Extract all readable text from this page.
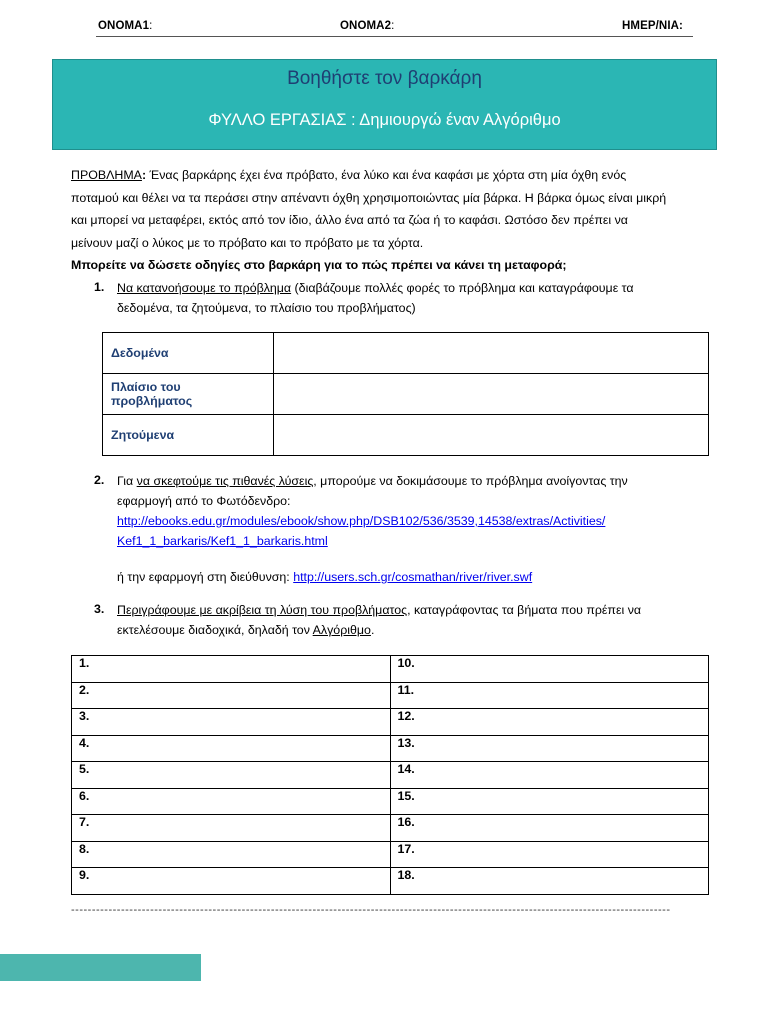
ΟΝΟΜΑ1:	ΟΝΟΜΑ2:	ΗΜΕΡ/ΝΙΑ:
Βοηθήστε τον βαρκάρη
ΦΥΛΛΟ ΕΡΓΑΣΙΑΣ : Δημιουργώ έναν Αλγόριθμο
ΠΡΟΒΛΗΜΑ: Ένας βαρκάρης έχει ένα πρόβατο, ένα λύκο και ένα καφάσι με χόρτα στη μία όχθη ενός
ποταμού και θέλει να τα περάσει στην απέναντι όχθη χρησιμοποιώντας μία βάρκα. Η βάρκα όμως είναι μικρή
και μπορεί να μεταφέρει, εκτός από τον ίδιο, άλλο ένα από τα ζώα ή το καφάσι. Ωστόσο δεν πρέπει να
μείνουν μαζί ο λύκος με το πρόβατο και το πρόβατο με τα χόρτα.
Μπορείτε να δώσετε οδηγίες στο βαρκάρη για το πώς πρέπει να κάνει τη μεταφορά;
1. Να κατανοήσουμε το πρόβλημα (διαβάζουμε πολλές φορές το πρόβλημα και καταγράφουμε τα
δεδομένα, τα ζητούμενα, το πλαίσιο του προβλήματος)
Δεδομένα	
Πλαίσιο του προβλήματος	
Ζητούμενα	
2. Για να σκεφτούμε τις πιθανές λύσεις, μπορούμε να δοκιμάσουμε το πρόβλημα ανοίγοντας την
εφαρμογή από το Φωτόδενδρο:
http://ebooks.edu.gr/modules/ebook/show.php/DSB102/536/3539,14538/extras/Activities/
Kef1_1_barkaris/Kef1_1_barkaris.html
ή την εφαρμογή στη διεύθυνση: http://users.sch.gr/cosmathan/river/river.swf
3. Περιγράφουμε με ακρίβεια τη λύση του προβλήματος, καταγράφοντας τα βήματα που πρέπει να
εκτελέσουμε διαδοχικά, δηλαδή τον Αλγόριθμο.
1.	10.
2.	11.
3.	12.
4.	13.
5.	14.
6.	15.
7.	16.
8.	17.
9.	18.
------------------------------------------------------------------------------------------------------------------------------------------------
